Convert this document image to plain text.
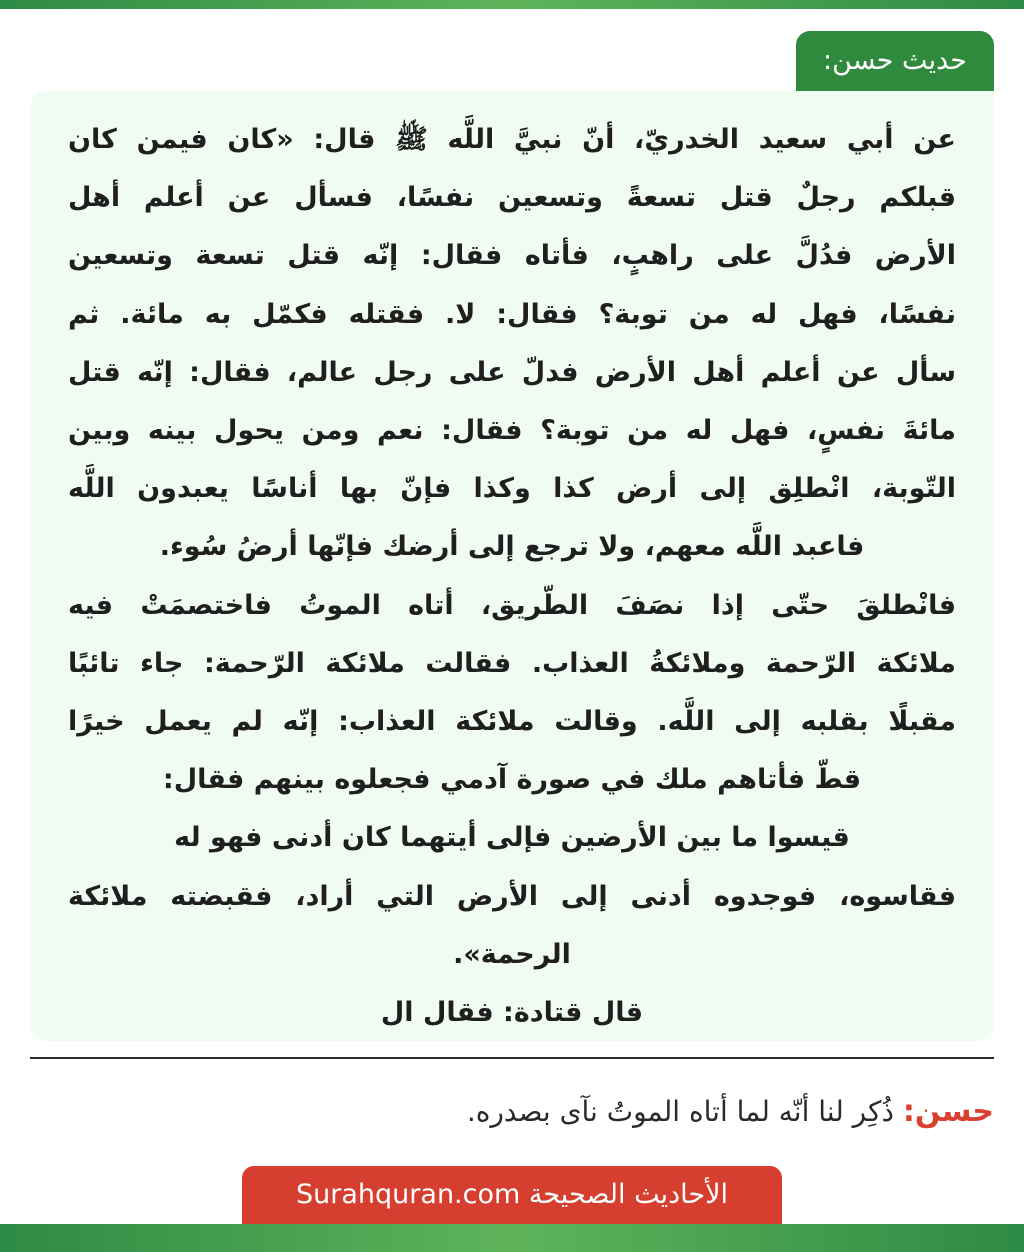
حديث حسن:
عن أبي سعيد الخدريّ، أنّ نبيَّ اللَّه ﷺ قال: «كان فيمن كان
قبلكم رجلٌ قتل تسعةً وتسعين نفسًا، فسأل عن أعلم أهل
الأرض فدُلَّ على راهبٍ، فأتاه فقال: إنّه قتل تسعة وتسعين
نفسًا، فهل له من توبة؟ فقال: لا. فقتله فكمّل به مائة. ثم
سأل عن أعلم أهل الأرض فدلّ على رجل عالم، فقال: إنّه قتل
مائةَ نفسٍ، فهل له من توبة؟ فقال: نعم ومن يحول بينه وبين
التّوبة، انْطلِق إلى أرض كذا وكذا فإنّ بها أناسًا يعبدون اللَّه
فاعبد اللَّه معهم، ولا ترجع إلى أرضك فإنّها أرضُ سُوء.
فانْطلقَ حتّى إذا نصَفَ الطّريق، أتاه الموتُ فاختصمَتْ فيه
ملائكة الرّحمة وملائكةُ العذاب. فقالت ملائكة الرّحمة: جاء تائبًا
مقبلًا بقلبه إلى اللَّه. وقالت ملائكة العذاب: إنّه لم يعمل خيرًا
قطّ فأتاهم ملك في صورة آدمي فجعلوه بينهم فقال:
قيسوا ما بين الأرضين فإلى أيتهما كان أدنى فهو له
فقاسوه، فوجدوه أدنى إلى الأرض التي أراد، فقبضته ملائكة
الرحمة».
قال قتادة: فقال ال
حسن: ذُكِر لنا أنّه لما أتاه الموتُ نآى بصدره.
الأحاديث الصحيحة Surahquran.com
